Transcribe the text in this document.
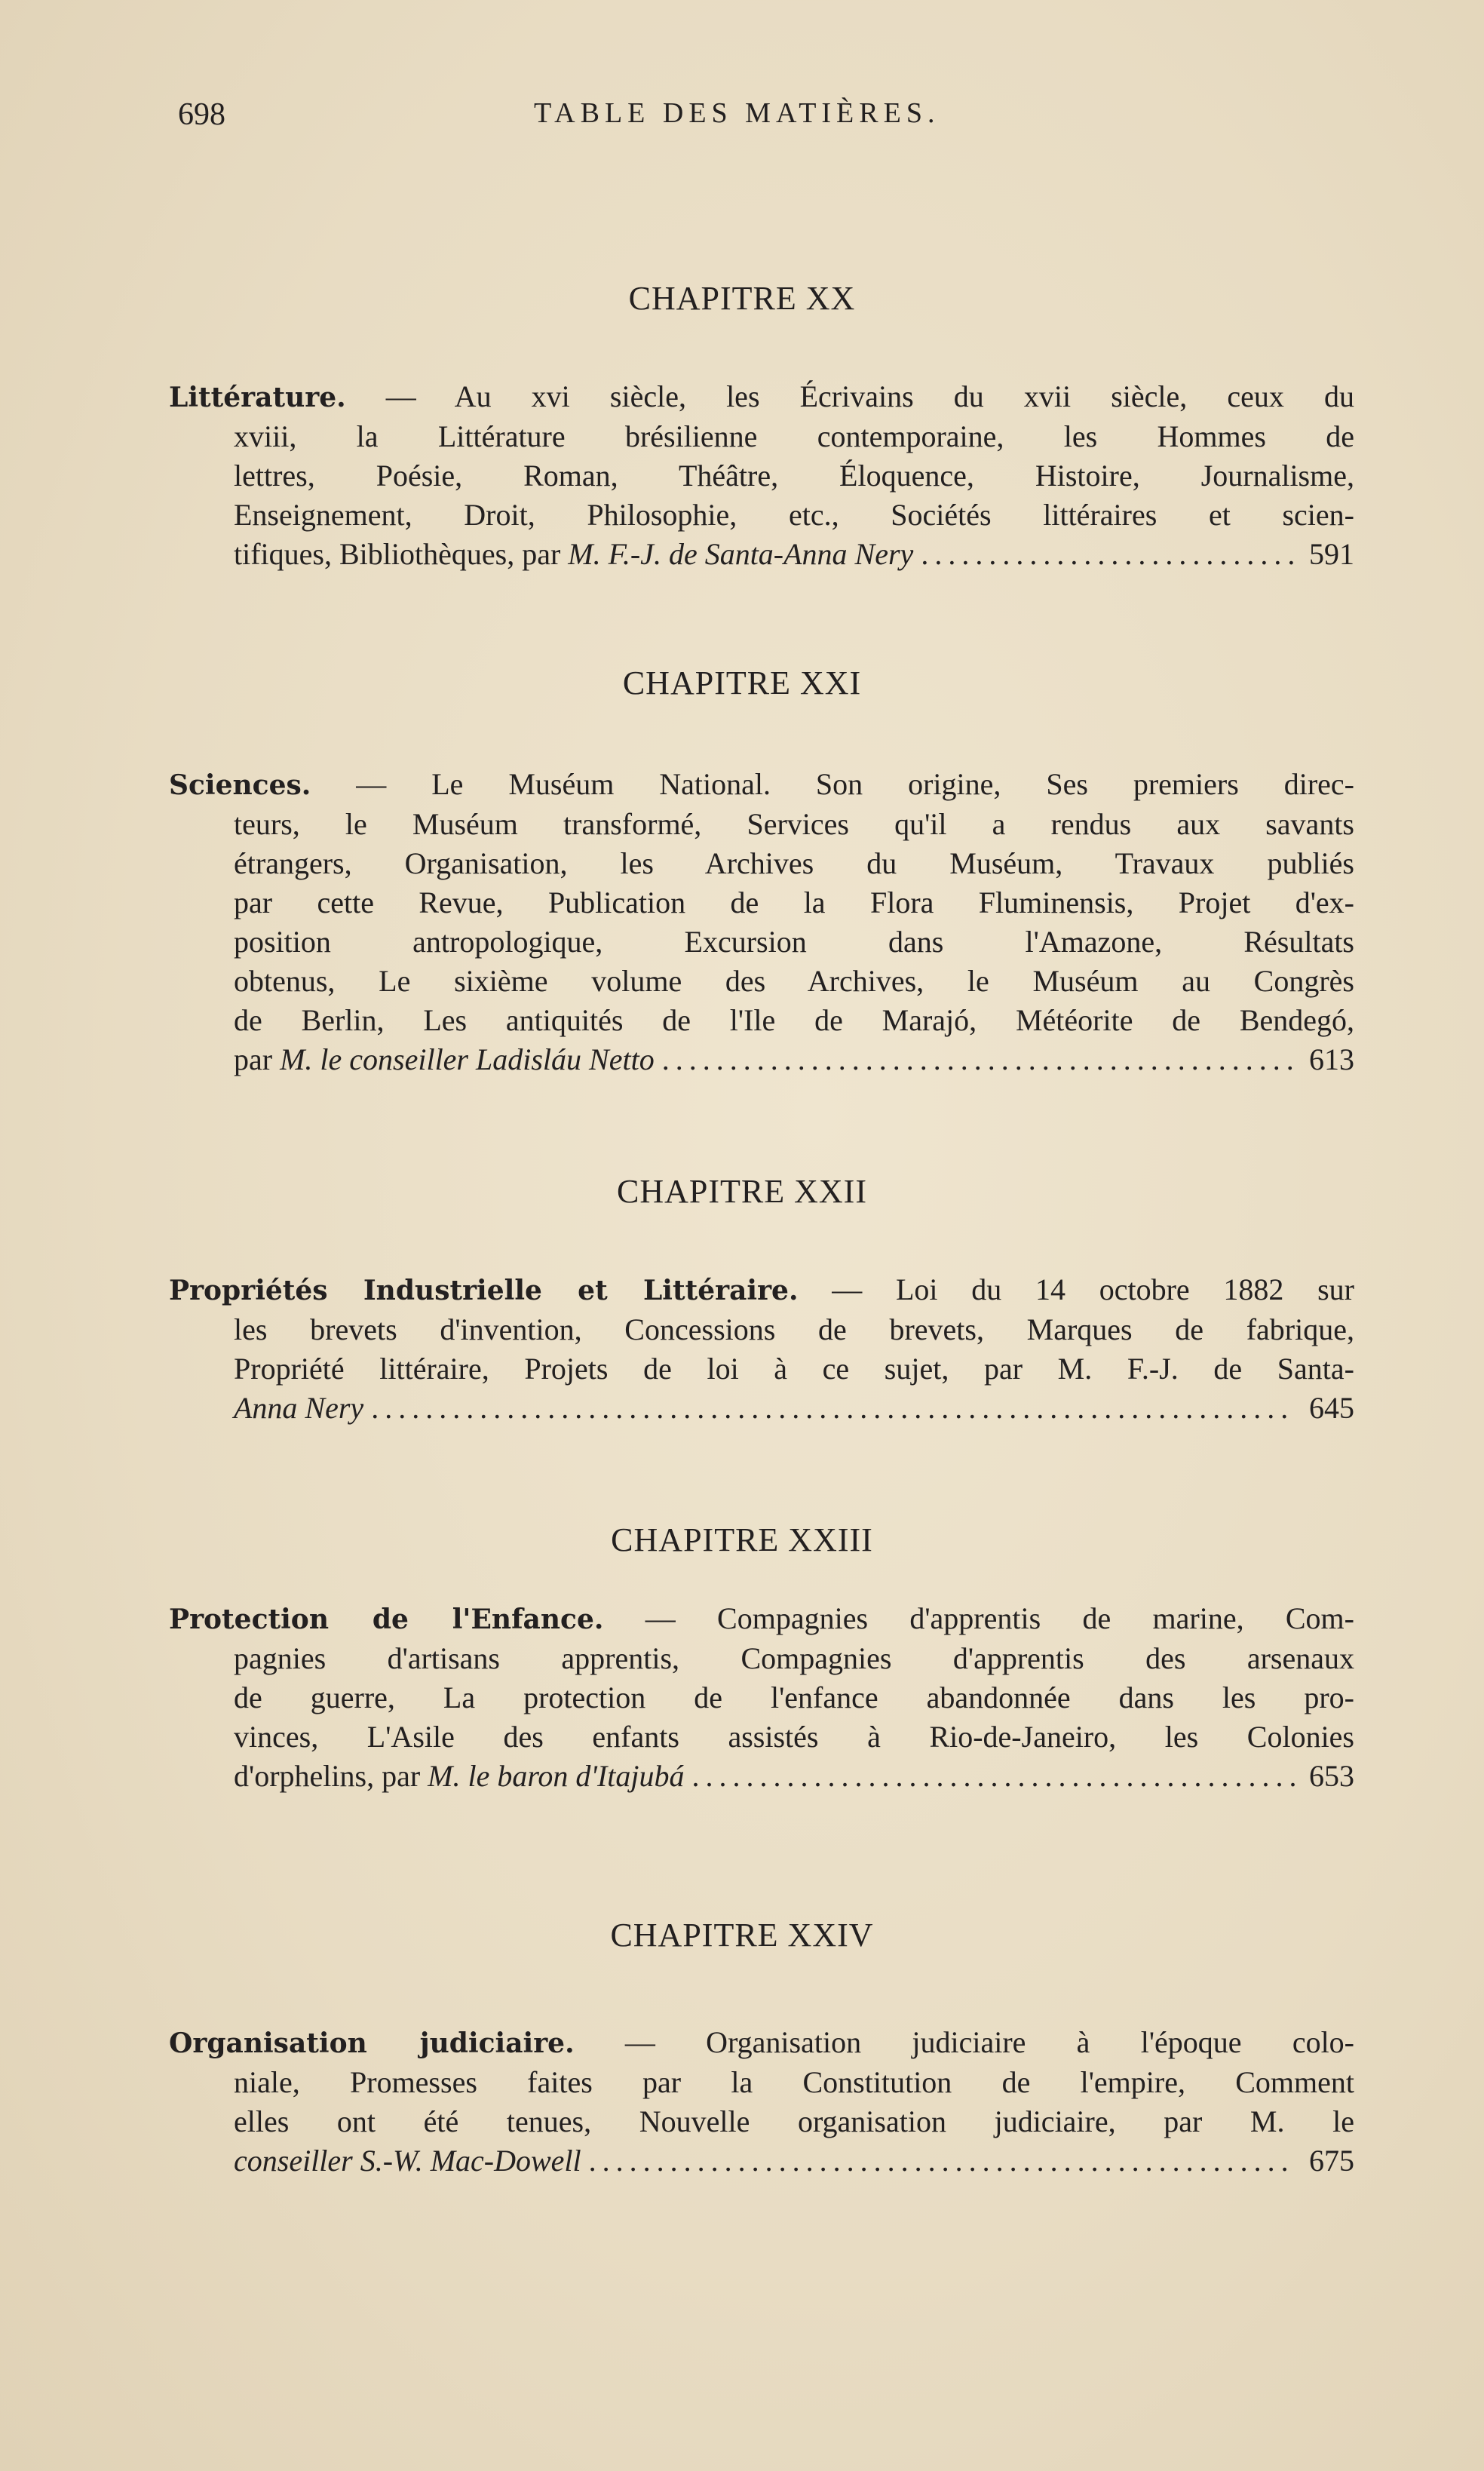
698	TABLE DES MATIÈRES.
CHAPITRE XX
Littérature. — Au xvi siècle, les Écrivains du xvii siècle, ceux du
xviii, la Littérature brésilienne contemporaine, les Hommes de
lettres, Poésie, Roman, Théâtre, Éloquence, Histoire, Journalisme,
Enseignement, Droit, Philosophie, etc., Sociétés littéraires et scien-
tifiques, Bibliothèques, par
M. F.-J. de Santa-Anna Nery .....	591
CHAPITRE XXI
Sciences. — Le Muséum National. Son origine, Ses premiers direc-
teurs, le Muséum transformé, Services qu'il a rendus aux savants
étrangers, Organisation, les Archives du Muséum, Travaux publiés
par cette Revue, Publication de la Flora Fluminensis, Projet d'ex-
position antropologique, Excursion dans l'Amazone, Résultats
obtenus, Le sixième volume des Archives, le Muséum au Congrès
de Berlin, Les antiquités de l'Ile de Marajó, Météorite de Bendegó,
par
M. le conseiller Ladisláu Netto .....	613
CHAPITRE XXII
Propriétés Industrielle et Littéraire. — Loi du 14 octobre 1882 sur
les brevets d'invention, Concessions de brevets, Marques de fabrique,
Propriété littéraire, Projets de loi à ce sujet, par M. F.-J. de Santa-
Anna Nery .....	645
CHAPITRE XXIII
Protection de l'Enfance. — Compagnies d'apprentis de marine, Com-
pagnies d'artisans apprentis, Compagnies d'apprentis des arsenaux
de guerre, La protection de l'enfance abandonnée dans les pro-
vinces, L'Asile des enfants assistés à Rio-de-Janeiro, les Colonies
d'orphelins, par
M. le baron d'Itajubá .....	653
CHAPITRE XXIV
Organisation judiciaire. — Organisation judiciaire à l'époque colo-
niale, Promesses faites par la Constitution de l'empire, Comment
elles ont été tenues, Nouvelle organisation judiciaire, par M. le
conseiller S.-W. Mac-Dowell .....	675
